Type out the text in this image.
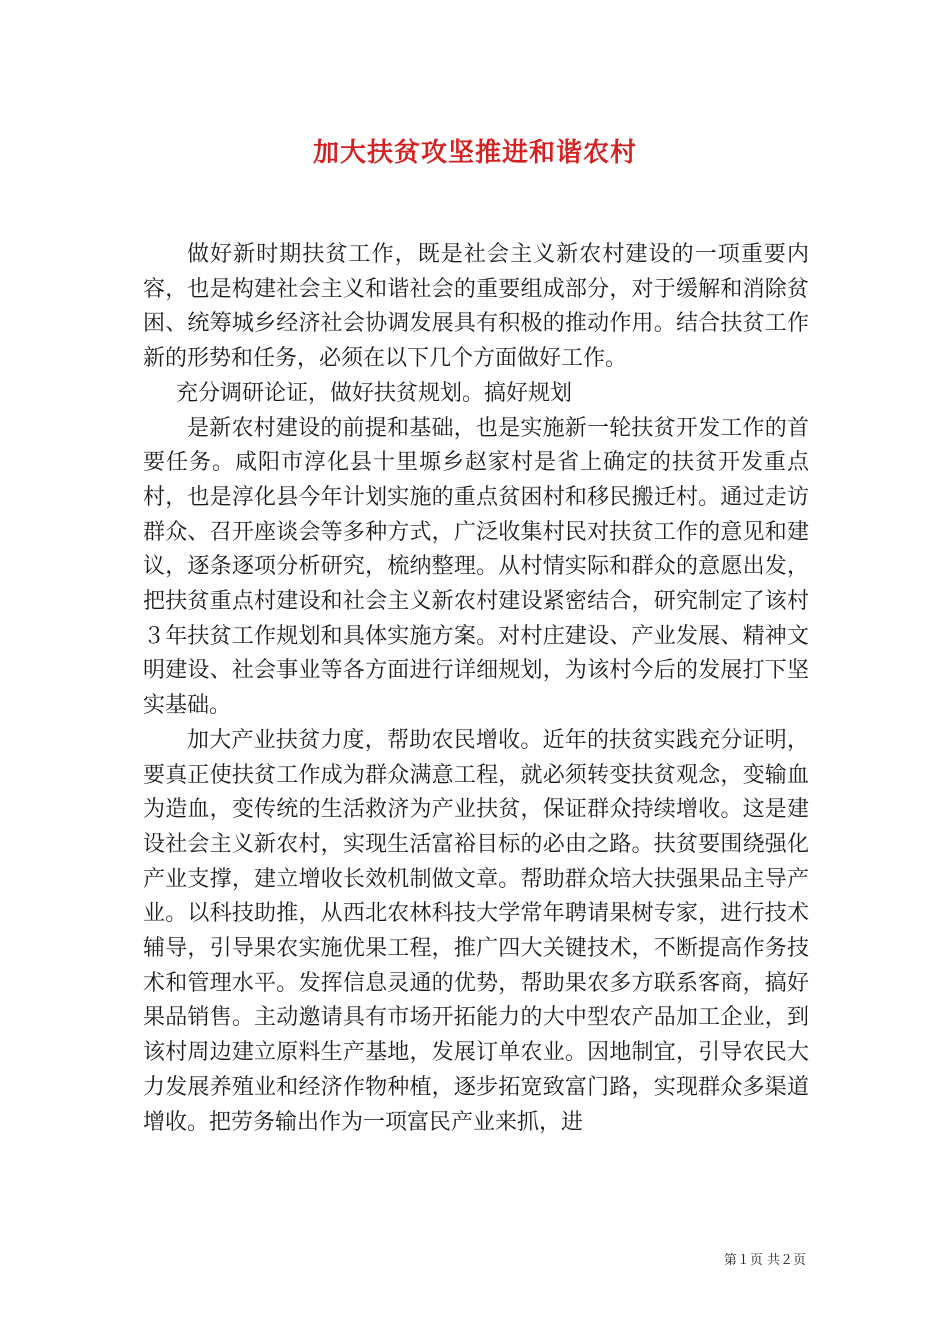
加大扶贫攻坚推进和谐农村

做好新时期扶贫工作，既是社会主义新农村建设的一项重要内容，也是构建社会主义和谐社会的重要组成部分，对于缓解和消除贫困、统筹城乡经济社会协调发展具有积极的推动作用。结合扶贫工作新的形势和任务，必须在以下几个方面做好工作。

充分调研论证，做好扶贫规划。搞好规划

是新农村建设的前提和基础，也是实施新一轮扶贫开发工作的首要任务。咸阳市淳化县十里塬乡赵家村是省上确定的扶贫开发重点村，也是淳化县今年计划实施的重点贫困村和移民搬迁村。通过走访群众、召开座谈会等多种方式，广泛收集村民对扶贫工作的意见和建议，逐条逐项分析研究，梳纳整理。从村情实际和群众的意愿出发，把扶贫重点村建设和社会主义新农村建设紧密结合，研究制定了该村３年扶贫工作规划和具体实施方案。对村庄建设、产业发展、精神文明建设、社会事业等各方面进行详细规划，为该村今后的发展打下坚实基础。

加大产业扶贫力度，帮助农民增收。近年的扶贫实践充分证明，要真正使扶贫工作成为群众满意工程，就必须转变扶贫观念，变输血为造血，变传统的生活救济为产业扶贫，保证群众持续增收。这是建设社会主义新农村，实现生活富裕目标的必由之路。扶贫要围绕强化产业支撑，建立增收长效机制做文章。帮助群众培大扶强果品主导产业。以科技助推，从西北农林科技大学常年聘请果树专家，进行技术辅导，引导果农实施优果工程，推广四大关键技术，不断提高作务技术和管理水平。发挥信息灵通的优势，帮助果农多方联系客商，搞好果品销售。主动邀请具有市场开拓能力的大中型农产品加工企业，到该村周边建立原料生产基地，发展订单农业。因地制宜，引导农民大力发展养殖业和经济作物种植，逐步拓宽致富门路，实现群众多渠道增收。把劳务输出作为一项富民产业来抓，进

第１页 共２页
